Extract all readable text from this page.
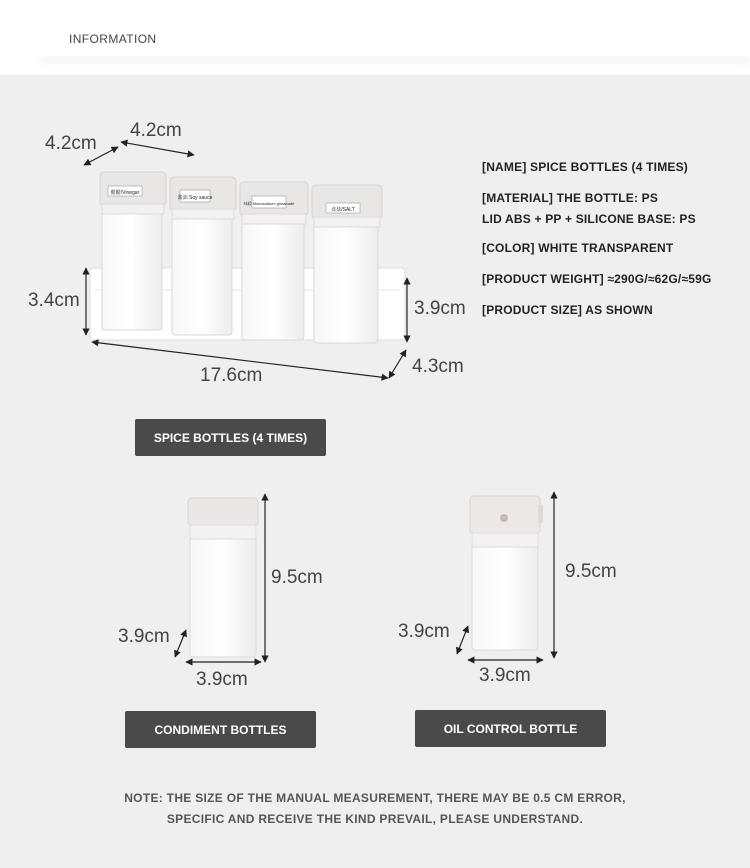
INFORMATION
醋醋/Vinegar
酱油 Soy sauce
味精 Monosodium glutamate
食盐/SALT
4.2cm
4.2cm
3.4cm	3.9cm
17.6cm	4.3cm
[NAME] SPICE BOTTLES (4 TIMES)
[MATERIAL] THE BOTTLE: PS
LID ABS + PP + SILICONE BASE: PS
[COLOR] WHITE TRANSPARENT
[PRODUCT WEIGHT] ≈290G/≈62G/≈59G
[PRODUCT SIZE] AS SHOWN
SPICE BOTTLES (4 TIMES)
CONDIMENT BOTTLES	OIL CONTROL BOTTLE
9.5cm
3.9cm
3.9cm
9.5cm
3.9cm
3.9cm
NOTE: THE SIZE OF THE MANUAL MEASUREMENT, THERE MAY BE 0.5 CM ERROR,
SPECIFIC AND RECEIVE THE KIND PREVAIL, PLEASE UNDERSTAND.
